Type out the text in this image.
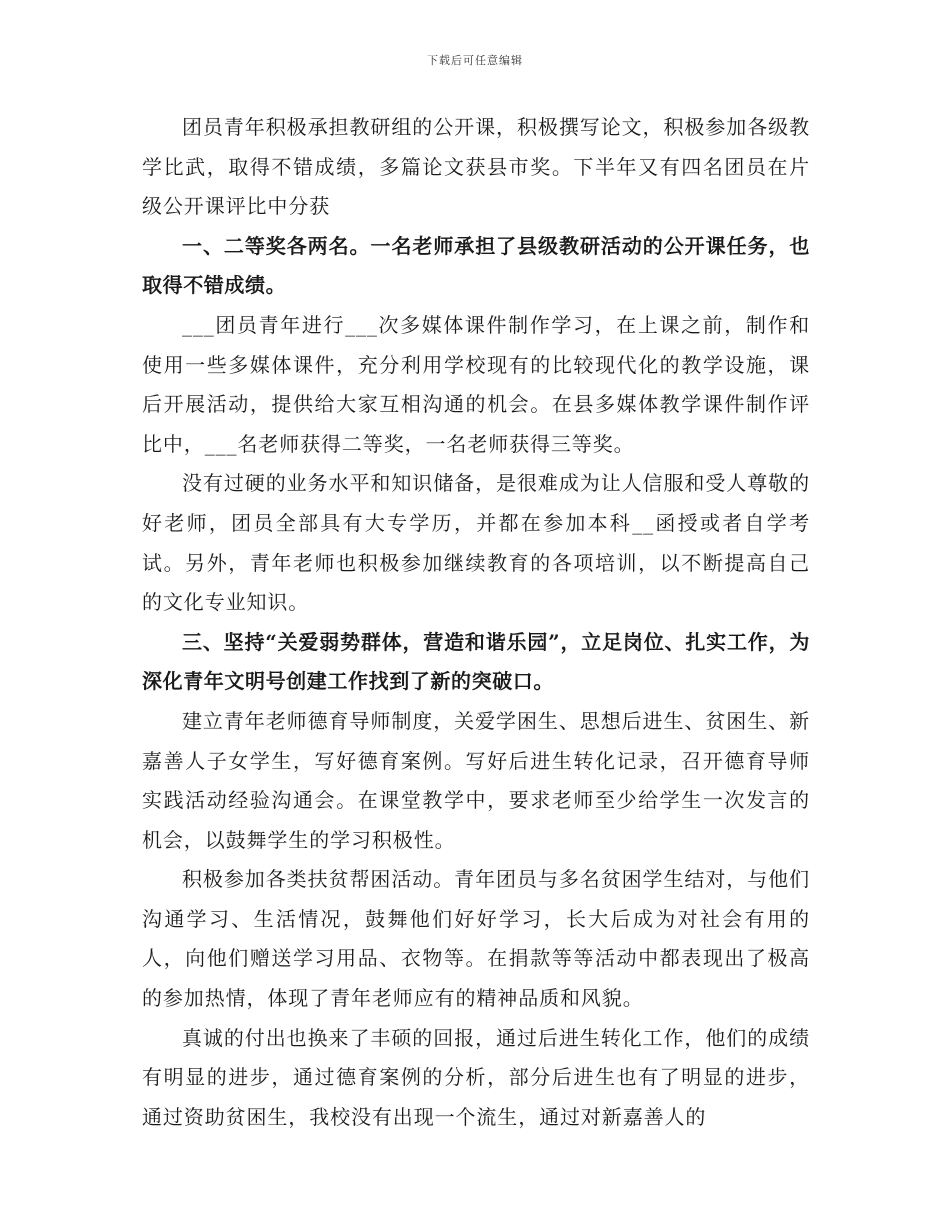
下载后可任意编辑

团员青年积极承担教研组的公开课，积极撰写论文，积极参加各级教学比武，取得不错成绩，多篇论文获县市奖。下半年又有四名团员在片级公开课评比中分获

一、二等奖各两名。一名老师承担了县级教研活动的公开课任务，也取得不错成绩。

___团员青年进行___次多媒体课件制作学习，在上课之前，制作和使用一些多媒体课件，充分利用学校现有的比较现代化的教学设施，课后开展活动，提供给大家互相沟通的机会。在县多媒体教学课件制作评比中，___名老师获得二等奖，一名老师获得三等奖。

没有过硬的业务水平和知识储备，是很难成为让人信服和受人尊敬的好老师，团员全部具有大专学历，并都在参加本科__函授或者自学考试。另外，青年老师也积极参加继续教育的各项培训，以不断提高自己的文化专业知识。

三、坚持“关爱弱势群体，营造和谐乐园”，立足岗位、扎实工作，为深化青年文明号创建工作找到了新的突破口。

建立青年老师德育导师制度，关爱学困生、思想后进生、贫困生、新嘉善人子女学生，写好德育案例。写好后进生转化记录，召开德育导师实践活动经验沟通会。在课堂教学中，要求老师至少给学生一次发言的机会，以鼓舞学生的学习积极性。

积极参加各类扶贫帮困活动。青年团员与多名贫困学生结对，与他们沟通学习、生活情况，鼓舞他们好好学习，长大后成为对社会有用的人，向他们赠送学习用品、衣物等。在捐款等等活动中都表现出了极高的参加热情，体现了青年老师应有的精神品质和风貌。

真诚的付出也换来了丰硕的回报，通过后进生转化工作，他们的成绩有明显的进步，通过德育案例的分析，部分后进生也有了明显的进步，通过资助贫困生，我校没有出现一个流生，通过对新嘉善人的
